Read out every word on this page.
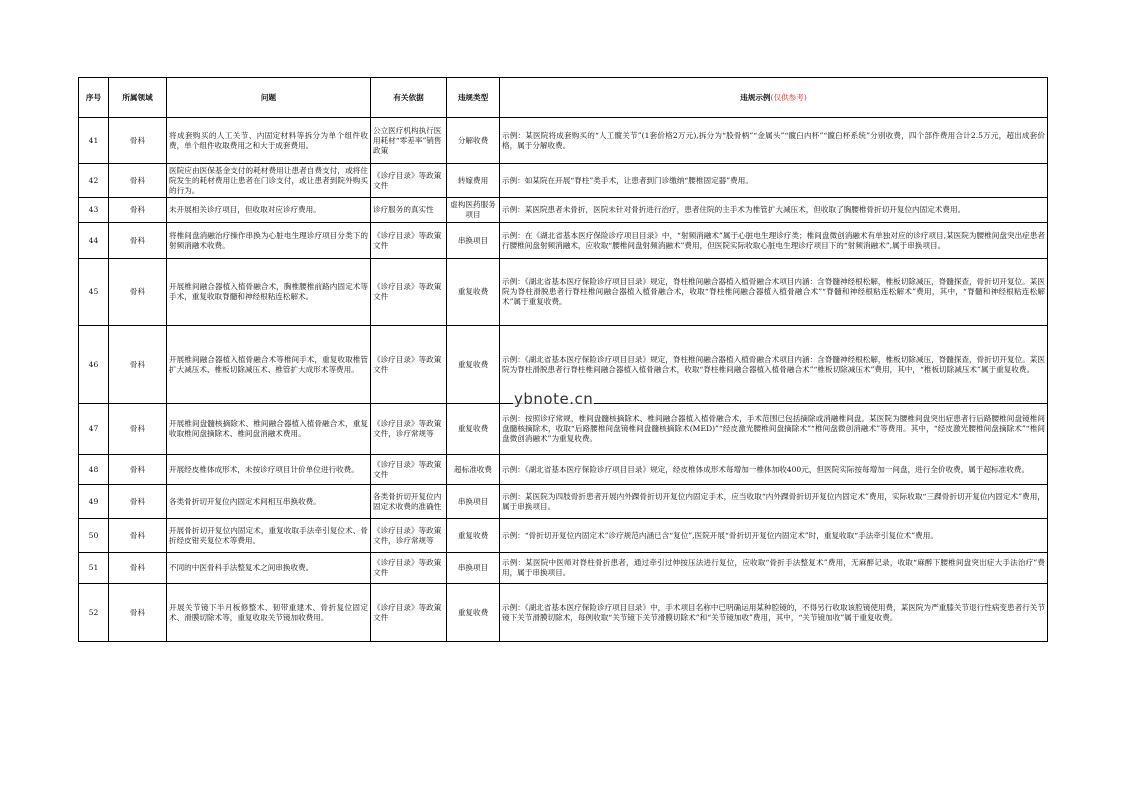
序号	所属领域	问题	有关依据	违规类型	违规示例(仅供参考)
41	骨科	将成套购买的人工关节、内固定材料等拆分为单个组件收费，单个组件收取费用之和大于成套费用。	公立医疗机构执行医用耗材“零差率”销售政策	分解收费	示例：某医院将成套购买的“人工髋关节”(1套价格2万元),拆分为“股骨柄”“金属头”“髋臼内杯”“髋臼杯系统”分别收费，四个部件费用合计2.5万元，超出成套价格，属于分解收费。
42	骨科	医院应由医保基金支付的耗材费用让患者自费支付，或将住院发生的耗材费用让患者在门诊支付，或让患者到院外购买的行为。	《诊疗目录》等政策文件	转嫁费用	示例：如某院在开展“脊柱”类手术，让患者到门诊缴纳“腰椎固定器”费用。
43	骨科	未开展相关诊疗项目，但收取对应诊疗费用。	诊疗服务的真实性	虚构医药服务项目	示例：某医院患者未骨折，医院未针对骨折进行治疗，患者住院的主手术为椎管扩大减压术，但收取了胸腰椎骨折切开复位内固定术费用。
44	骨科	将椎间盘消融治疗操作串换为心脏电生理诊疗项目分类下的射频消融术收费。	《诊疗目录》等政策文件	串换项目	示例：在《湖北省基本医疗保险诊疗项目目录》中，“射频消融术”属于心脏电生理诊疗类；椎间盘微创消融术有单独对应的诊疗项目,某医院为腰椎间盘突出症患者行腰椎间盘射频消融术，应收取“腰椎间盘射频消融术”费用，但医院实际收取心脏电生理诊疗项目下的“射频消融术”,属于串换项目。
45	骨科	开展椎间融合器植入植骨融合术，胸椎腰椎前路内固定术等手术，重复收取脊髓和神经根粘连松解术。	《诊疗目录》等政策文件	重复收费	示例：《湖北省基本医疗保险诊疗项目目录》规定，脊柱椎间融合器植入植骨融合术项目内涵：含脊髓神经根松解，椎板切除减压，脊髓探查，骨折切开复位。某医院为脊柱滑脱患者行脊柱椎间融合器植入植骨融合术，收取“脊柱椎间融合器植入植骨融合术”“脊髓和神经根粘连松解术”费用，其中，“脊髓和神经根粘连松解术”属于重复收费。
46	骨科	开展椎间融合器植入植骨融合术等椎间手术，重复收取椎管扩大减压术、椎板切除减压术、椎管扩大成形术等费用。	《诊疗目录》等政策文件	重复收费	示例：《湖北省基本医疗保险诊疗项目目录》规定，脊柱椎间融合器植入植骨融合术项目内涵：含脊髓神经根松解，椎板切除减压，脊髓探查，骨折切开复位。某医院为脊柱滑脱患者行脊柱椎间融合器植入植骨融合术，收取“脊柱椎间融合器植入植骨融合术”“椎板切除减压术”费用，其中，“椎板切除减压术”属于重复收费。
47	骨科	开展椎间盘髓核摘除术、椎间融合器植入植骨融合术，重复收取椎间盘摘除术、椎间盘消融术费用。	《诊疗目录》等政策文件，诊疗常规等	重复收费	示例：按照诊疗常规，椎间盘髓核摘除术、椎间融合器植入植骨融合术，手术范围已包括摘除或消融椎间盘。某医院为腰椎间盘突出症患者行后路腰椎间盘镜椎间盘髓核摘除术，收取“后路腰椎间盘镜椎间盘髓核摘除术(MED)”“经皮激光腰椎间盘摘除术”“椎间盘微创消融术”等费用。其中，“经皮激光腰椎间盘摘除术”“椎间盘微创消融术”为重复收费。
48	骨科	开展经皮椎体成形术，未按诊疗项目计价单位进行收费。	《诊疗目录》等政策文件	超标准收费	示例：《湖北省基本医疗保险诊疗项目目录》规定，经皮椎体成形术每增加一椎体加收400元，但医院实际按每增加一间盘，进行全价收费，属于超标准收费。
49	骨科	各类骨折切开复位内固定术间相互串换收费。	各类骨折切开复位内固定术收费的准确性	串换项目	示例：某医院为四肢骨折患者开展内外踝骨折切开复位内固定手术，应当收取“内外踝骨折切开复位内固定术”费用，实际收取“三踝骨折切开复位内固定术”费用，属于串换项目。
50	骨科	开展骨折切开复位内固定术，重复收取手法牵引复位术、骨折经皮钳夹复位术等费用。	《诊疗目录》等政策文件，诊疗常规等	重复收费	示例：“骨折切开复位内固定术”诊疗规范内涵已含“复位”,医院开展“骨折切开复位内固定术”时，重复收取“手法牵引复位术”费用。
51	骨科	不同的中医骨科手法整复术之间串换收费。	《诊疗目录》等政策文件	串换项目	示例：某医院中医师对脊柱骨折患者，通过牵引过伸按压法进行复位，应收取“骨折手法整复术”费用，无麻醉记录，收取“麻醉下腰椎间盘突出症大手法治疗”费用，属于串换项目。
52	骨科	开展关节镜下半月板修整术、韧带重建术、骨折复位固定术、滑膜切除术等，重复收取关节镜加收费用。	《诊疗目录》等政策文件	重复收费	示例：《湖北省基本医疗保险诊疗项目目录》中，手术项目名称中已明确运用某种腔镜的，不得另行收取该腔镜使用费，某医院为严重膝关节退行性病变患者行关节镜下关节滑膜切除术，每例收取“关节镜下关节滑膜切除术”和“关节镜加收”费用，其中，“关节镜加收”属于重复收费。
ybnote.cn
